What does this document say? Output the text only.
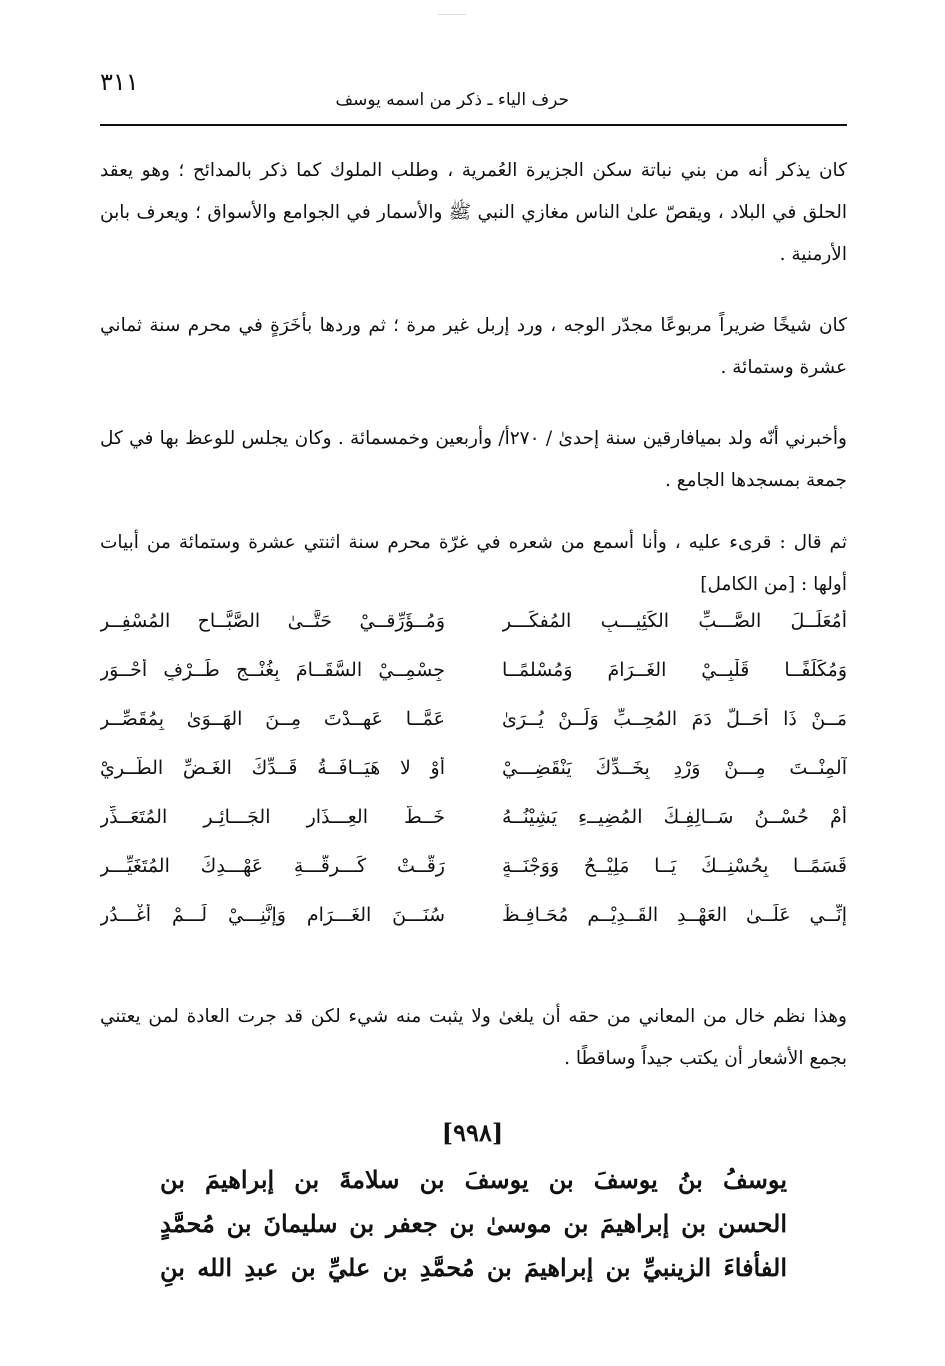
٣١١
حرف الياء ـ ذكر من اسمه يوسف

كان يذكر أنه من بني نباتة سكن الجزيرة العُمرية ، وطلب الملوك كما ذكر بالمدائح ؛ وهو يعقد الحلق في البلاد ، ويقصّ علىٰ الناس مغازي النبي ﷺ والأسمار في الجوامع والأسواق ؛ ويعرف بابن الأرمنية .

كان شيخًا ضريراً مربوعًا مجدّر الوجه ، ورد إربل غير مرة ؛ ثم وردها بأخَرَةٍ في محرم سنة ثماني عشرة وستمائة .

وأخبرني أنّه ولد بميافارقين سنة إحدىٰ / ٢٧٠أ/ وأربعين وخمسمائة . وكان يجلس للوعظ بها في كل جمعة بمسجدها الجامع .

ثم قال : قرىء عليه ، وأنا أسمع من شعره في غرّة محرم سنة اثنتي عشرة وستمائة من أبيات أولها : [من الكامل]

أَمُعَلِّــلَ الصَّـــبِّ الكَئِيـــبِ المُفكِّـــرِ
وَمُــؤَرِّقــيْ حَتَّــىٰ الصَّبَّــاحِ المُسْفِــرِ
وَمُكَلِّفًــا قَلْبِــيْ الغَــرَامَ وَمُسْلمًــا
جِسْمِــيْ السَّقَــامَ بِغُنْــجِ طَــرْفٍ أَحْــوَرِ
مَــنْ ذَا أَحَــلَّ دَمَ المُحِــبِّ وَلَــنْ يُــرَىٰ
عَمَّــا عَهِــدْتَ مِــنَ الهَــوَىٰ بِمُقَصِّــرِ
آلمِنْــتَ مِـــنْ وَرْدِ بِخَــدِّكَ يَنْقَضِـــيْ
أَوْ لا هَيَــافَــةُ قَــدِّكَ الغَـضِّ الطَّــرِيْ
أَمْ حُسْــنُ سَــالِفِـكَ المُضِيــءِ يَشِيْنُــهُ
خَــطُّ العِـــذَارِ الجَـــائِـرِ المُتَعَــذِّرِ
قَسَمًــا بِحُسْنِــكَ يَــا مَلِيْــحُ وَوَجْنَــةٍ
رَقَّــتْ كَـــرِقَّـــةِ عَهْـــدِكَ المُتَغَيِّـــرِ
إِنِّــي عَلَــىٰ العَهْــدِ القَــدِيْــمِ مُحَـافِـظٌ
سُنَـــنَ الغَـــرَامِ وَإِنَّنِـــيْ لَـــمْ أَغْـــدُرِ

وهذا نظم خال من المعاني من حقه أن يلغىٰ ولا يثبت منه شيء لكن قد جرت العادة لمن يعتني بجمع الأشعار أن يكتب جيداً وساقطًا .

[٩٩٨]
يوسفُ بنُ يوسفَ بن يوسفَ بن سلامةَ بن إبراهيمَ بن
الحسن بن إبراهيمَ بن موسىٰ بن جعفر بن سليمانَ بن مُحمَّدٍ
الفأفاءَ الزينبيِّ بن إبراهيمَ بن مُحمَّدِ بن عليِّ بن عبدِ الله بنِ
